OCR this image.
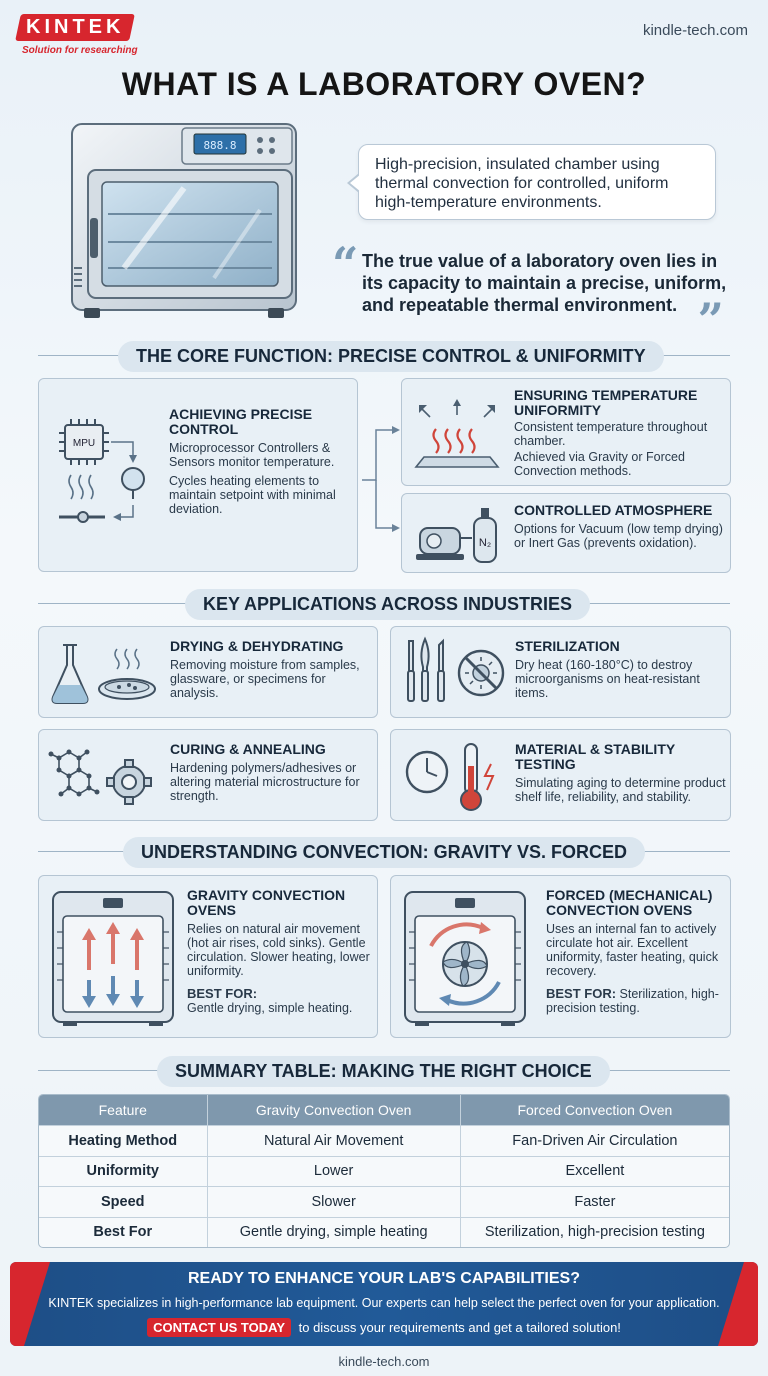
KINTEK
Solution for researching
kindle-tech.com
WHAT IS A LABORATORY OVEN?
888.8
High-precision, insulated chamber using thermal convection for controlled, uniform high-temperature environments.
“ The true value of a laboratory oven lies in its capacity to maintain a precise, uniform, and repeatable thermal environment. ”
THE CORE FUNCTION: PRECISE CONTROL & UNIFORMITY
MPU
ACHIEVING PRECISE CONTROL

Microprocessor Controllers & Sensors monitor temperature.

Cycles heating elements to maintain setpoint with minimal deviation.

ENSURING TEMPERATURE UNIFORMITY

Consistent temperature throughout chamber.

Achieved via Gravity or Forced Convection methods.

N₂
CONTROLLED ATMOSPHERE

Options for Vacuum (low temp drying) or Inert Gas (prevents oxidation).

KEY APPLICATIONS ACROSS INDUSTRIES
DRYING & DEHYDRATING

Removing moisture from samples, glassware, or specimens for analysis.

STERILIZATION

Dry heat (160-180°C) to destroy microorganisms on heat-resistant items.

CURING & ANNEALING

Hardening polymers/adhesives or altering material microstructure for strength.

MATERIAL & STABILITY TESTING

Simulating aging to determine product shelf life, reliability, and stability.

UNDERSTANDING CONVECTION: GRAVITY VS. FORCED
GRAVITY CONVECTION OVENS

Relies on natural air movement (hot air rises, cold sinks). Gentle circulation. Slower heating, lower uniformity.

BEST FOR:

Gentle drying, simple heating.

FORCED (MECHANICAL) CONVECTION OVENS

Uses an internal fan to actively circulate hot air. Excellent uniformity, faster heating, quick recovery.

BEST FOR: Sterilization, high-precision testing.

SUMMARY TABLE: MAKING THE RIGHT CHOICE
Feature	Gravity Convection Oven	Forced Convection Oven
Heating Method	Natural Air Movement	Fan-Driven Air Circulation
Uniformity	Lower	Excellent
Speed	Slower	Faster
Best For	Gentle drying, simple heating	Sterilization, high-precision testing
READY TO ENHANCE YOUR LAB'S CAPABILITIES?
KINTEK specializes in high-performance lab equipment. Our experts can help select the perfect oven for your application.
CONTACT US TODAY to discuss your requirements and get a tailored solution!
kindle-tech.com
